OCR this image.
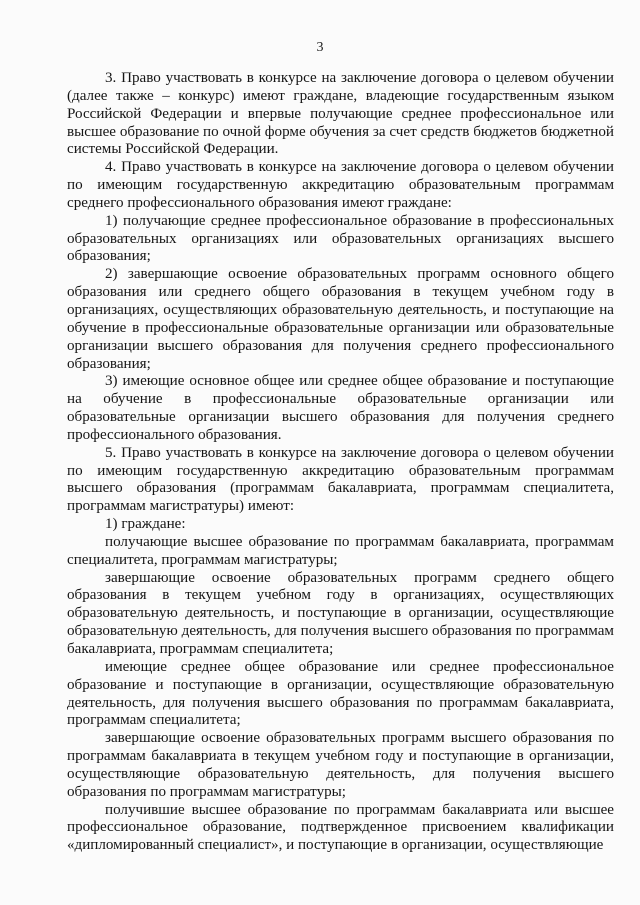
3

3. Право участвовать в конкурсе на заключение договора о целевом обучении (далее также – конкурс) имеют граждане, владеющие государственным языком Российской Федерации и впервые получающие среднее профессиональное или высшее образование по очной форме обучения за счет средств бюджетов бюджетной системы Российской Федерации.

4. Право участвовать в конкурсе на заключение договора о целевом обучении по имеющим государственную аккредитацию образовательным программам среднего профессионального образования имеют граждане:

1) получающие среднее профессиональное образование в профессиональных образовательных организациях или образовательных организациях высшего образования;

2) завершающие освоение образовательных программ основного общего образования или среднего общего образования в текущем учебном году в организациях, осуществляющих образовательную деятельность, и поступающие на обучение в профессиональные образовательные организации или образовательные организации высшего образования для получения среднего профессионального образования;

3) имеющие основное общее или среднее общее образование и поступающие на обучение в профессиональные образовательные организации или образовательные организации высшего образования для получения среднего профессионального образования.

5. Право участвовать в конкурсе на заключение договора о целевом обучении по имеющим государственную аккредитацию образовательным программам высшего образования (программам бакалавриата, программам специалитета, программам магистратуры) имеют:

1) граждане:

получающие высшее образование по программам бакалавриата, программам специалитета, программам магистратуры;

завершающие освоение образовательных программ среднего общего образования в текущем учебном году в организациях, осуществляющих образовательную деятельность, и поступающие в организации, осуществляющие образовательную деятельность, для получения высшего образования по программам бакалавриата, программам специалитета;

имеющие среднее общее образование или среднее профессиональное образование и поступающие в организации, осуществляющие образовательную деятельность, для получения высшего образования по программам бакалавриата, программам специалитета;

завершающие освоение образовательных программ высшего образования по программам бакалавриата в текущем учебном году и поступающие в организации, осуществляющие образовательную деятельность, для получения высшего образования по программам магистратуры;

получившие высшее образование по программам бакалавриата или высшее профессиональное образование, подтвержденное присвоением квалификации «дипломированный специалист», и поступающие в организации, осуществляющие
